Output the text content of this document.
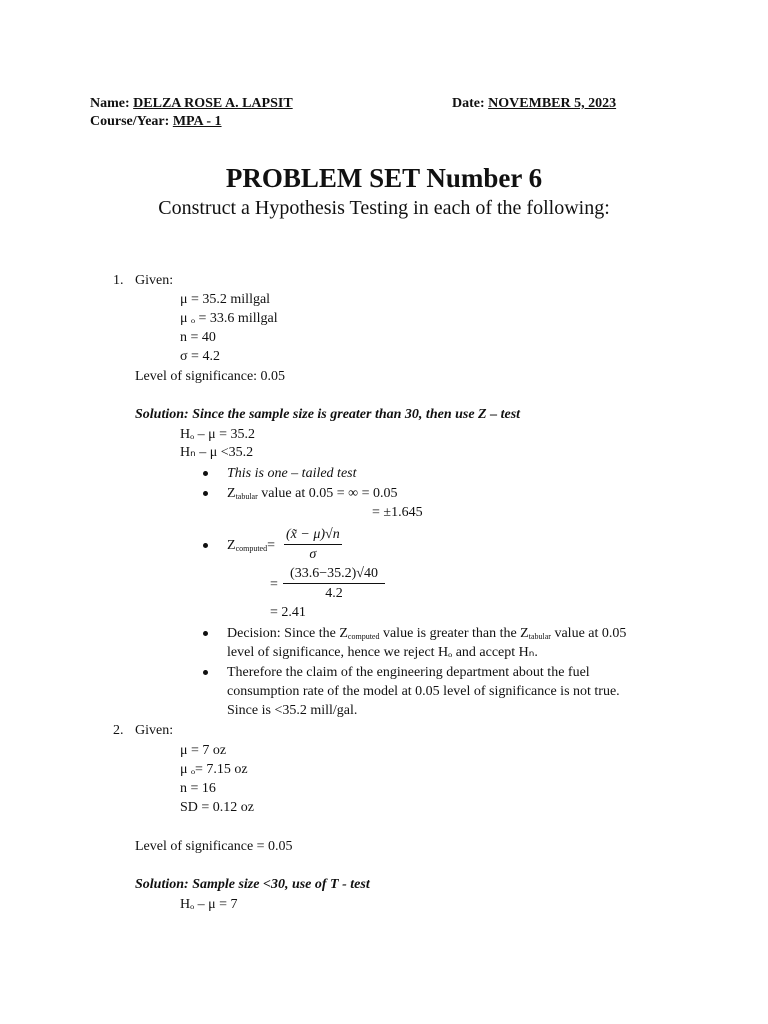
Name: DELZA ROSE A. LAPSIT	Date: NOVEMBER 5, 2023
Course/Year: MPA - 1
PROBLEM SET Number 6
Construct a Hypothesis Testing in each of the following:
1. Given:
μ = 35.2 millgal
μ ₒ = 33.6 millgal
n = 40
σ = 4.2
Level of significance: 0.05
Solution: Since the sample size is greater than 30, then use Z – test
Hₒ – μ = 35.2
Hₙ – μ <35.2
This is one – tailed test
$Z_{tabular}$ value at 0.05 = ∞ = 0.05
= ±1.645
$Z_{computed}= \frac{(x̃ - \mu)√n}{\sigma}$
= $\frac{(33.6-35.2)√40}{4.2}$
= 2.41
Decision: Since the $Z_{computed}$ value is greater than the $Z_{tabular}$ value at 0.05
level of significance, hence we reject Hₒ and accept Hₙ.
Therefore the claim of the engineering department about the fuel
consumption rate of the model at 0.05 level of significance is not true.
Since is <35.2 mill/gal.
2. Given:
μ = 7 oz
μ ₒ= 7.15 oz
n = 16
SD = 0.12 oz
Level of significance = 0.05
Solution: Sample size <30, use of T - test
Hₒ – μ = 7
